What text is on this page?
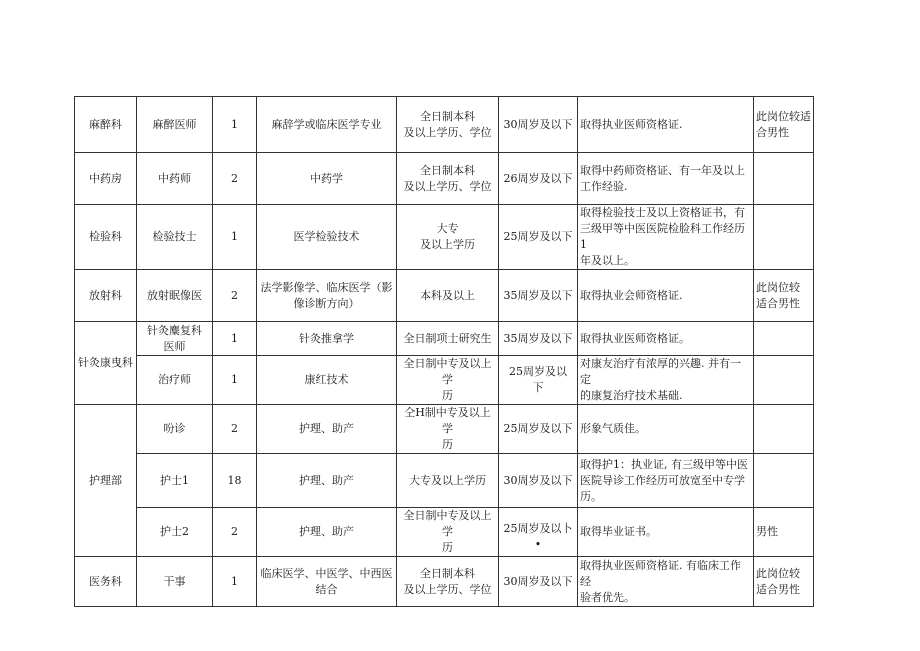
麻醉科	麻醉医师	1	麻辞学或临床医学专业	全日制本科
及以上学历、学位	30周岁及以下	取得执业医师资格证.	此岗位较适
合男性
中药房	中药师	2	中药学	全日制本科
及以上学历、学位	26周岁及以下	取得中药师资格证、有一年及以上
工作经验.	
检验科	检验技士	1	医学检验技术	大专
及以上学历	25周岁及以下	取得检验技士及以上资格证书，有
三级甲等中医医院检脸科工作经历1
年及以上。	
放射科	放射眠像医	2	法学影像学、临床医学（影
像诊断方向）	本科及以上	35周岁及以下	取得执业会师资格证.	此岗位较
适合男性
针灸康曳科	针灸麋复科
医师	1	针灸推拿学	全日制项士研究生	35周岁及以下	取得执业医师资格证。	
	治疗师	1	康红技术	全日制中专及以上学
历	25周岁及以
下	对康友治疗有浓厚的兴趣. 并有一定
的康复治疗技术基础.	
护理部	吩诊	2	护理、助产	仝H制中专及以上学
历	25周岁及以下	形象气质佳。	
	护士1	18	护理、助产	大专及以上学历	30周岁及以下	取得护1：执业证, 有三级甲等中医
医院导诊工作经历可放宽至中专学
历。	
	护士2	2	护理、助产	全日制中专及以上学
历	25周岁及以卜•	取得毕业证书。	男性
医务科	干事	1	临床医学、中医学、中西医
结合	全日制本科
及以上学历、学位	30周岁及以下	取得执业医师资格证. 有临床工作经
验者优先。	此岗位较
适合男性
